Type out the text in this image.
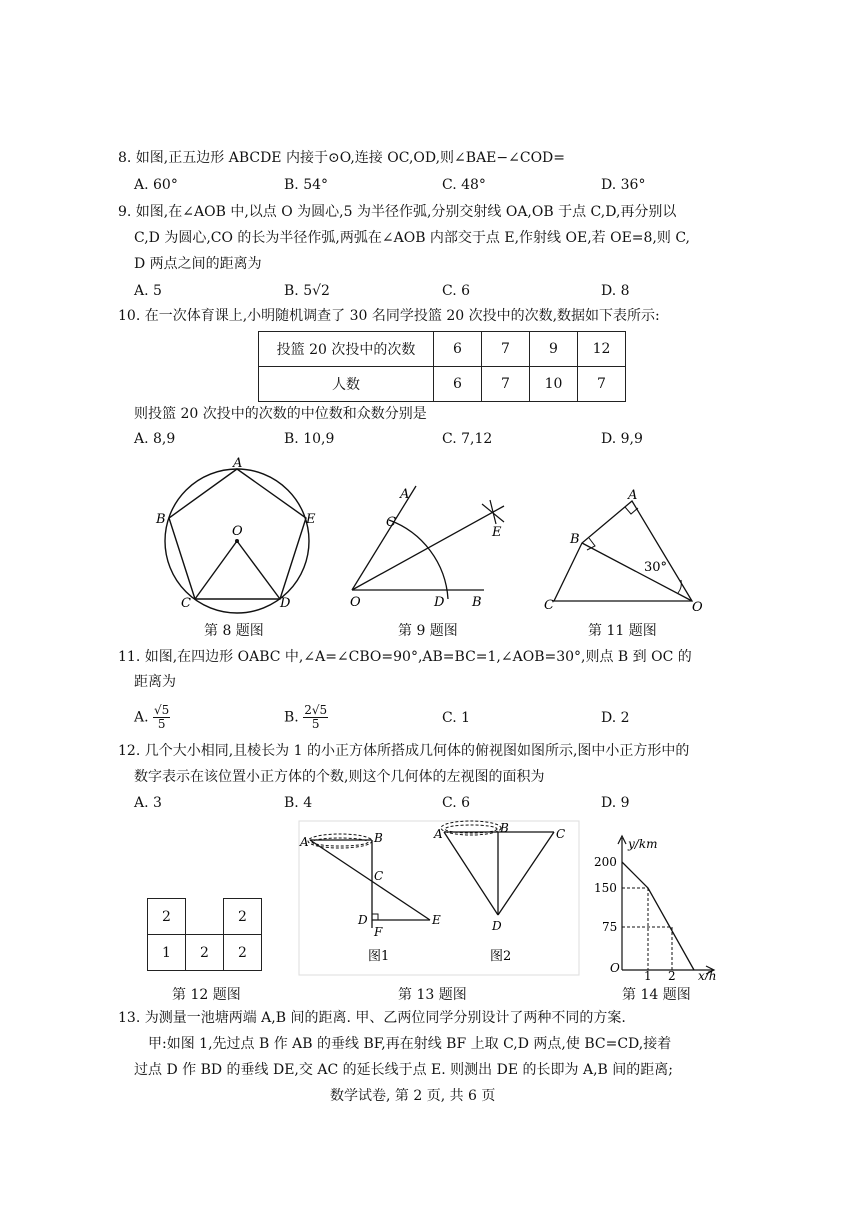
8. 如图,正五边形 ABCDE 内接于⊙O,连接 OC,OD,则∠BAE−∠COD=
A. 60°	B. 54°	C. 48°	D. 36°
9. 如图,在∠AOB 中,以点 O 为圆心,5 为半径作弧,分别交射线 OA,OB 于点 C,D,再分别以
C,D 为圆心,CO 的长为半径作弧,两弧在∠AOB 内部交于点 E,作射线 OE,若 OE=8,则 C,
D 两点之间的距离为
A. 5	B. 5√2	C. 6	D. 8
10. 在一次体育课上,小明随机调查了 30 名同学投篮 20 次投中的次数,数据如下表所示:
投篮 20 次投中的次数	6	7	9	12
人数	6	7	10	7
则投篮 20 次投中的次数的中位数和众数分别是
A. 8,9	B. 10,9	C. 7,12	D. 9,9
A
B
C	D
E
O
第 8 题图
A
C
E
O	D B
第 9 题图
A
B
C	O
30°
第 11 题图
11. 如图,在四边形 OABC 中,∠A=∠CBO=90°,AB=BC=1,∠AOB=30°,则点 B 到 OC 的
距离为
A. $\frac{√5}{5}$	B. $\frac{2√5}{5}$	C. 1	D. 2
12. 几个大小相同,且棱长为 1 的小正方体所搭成几何体的俯视图如图所示,图中小正方形中的
数字表示在该位置小正方体的个数,则这个几何体的左视图的面积为
A. 3	B. 4	C. 6	D. 9
2		2
1	2	2
第 12 题图
A	B
C
D
F
E
图1
A	B	C
D
图2
第 13 题图
y/km
x/h
200
150
75
O
1 2
第 14 题图
13. 为测量一池塘两端 A,B 间的距离. 甲、乙两位同学分别设计了两种不同的方案.
甲:如图 1,先过点 B 作 AB 的垂线 BF,再在射线 BF 上取 C,D 两点,使 BC=CD,接着
过点 D 作 BD 的垂线 DE,交 AC 的延长线于点 E. 则测出 DE 的长即为 A,B 间的距离;
数学试卷, 第 2 页, 共 6 页
